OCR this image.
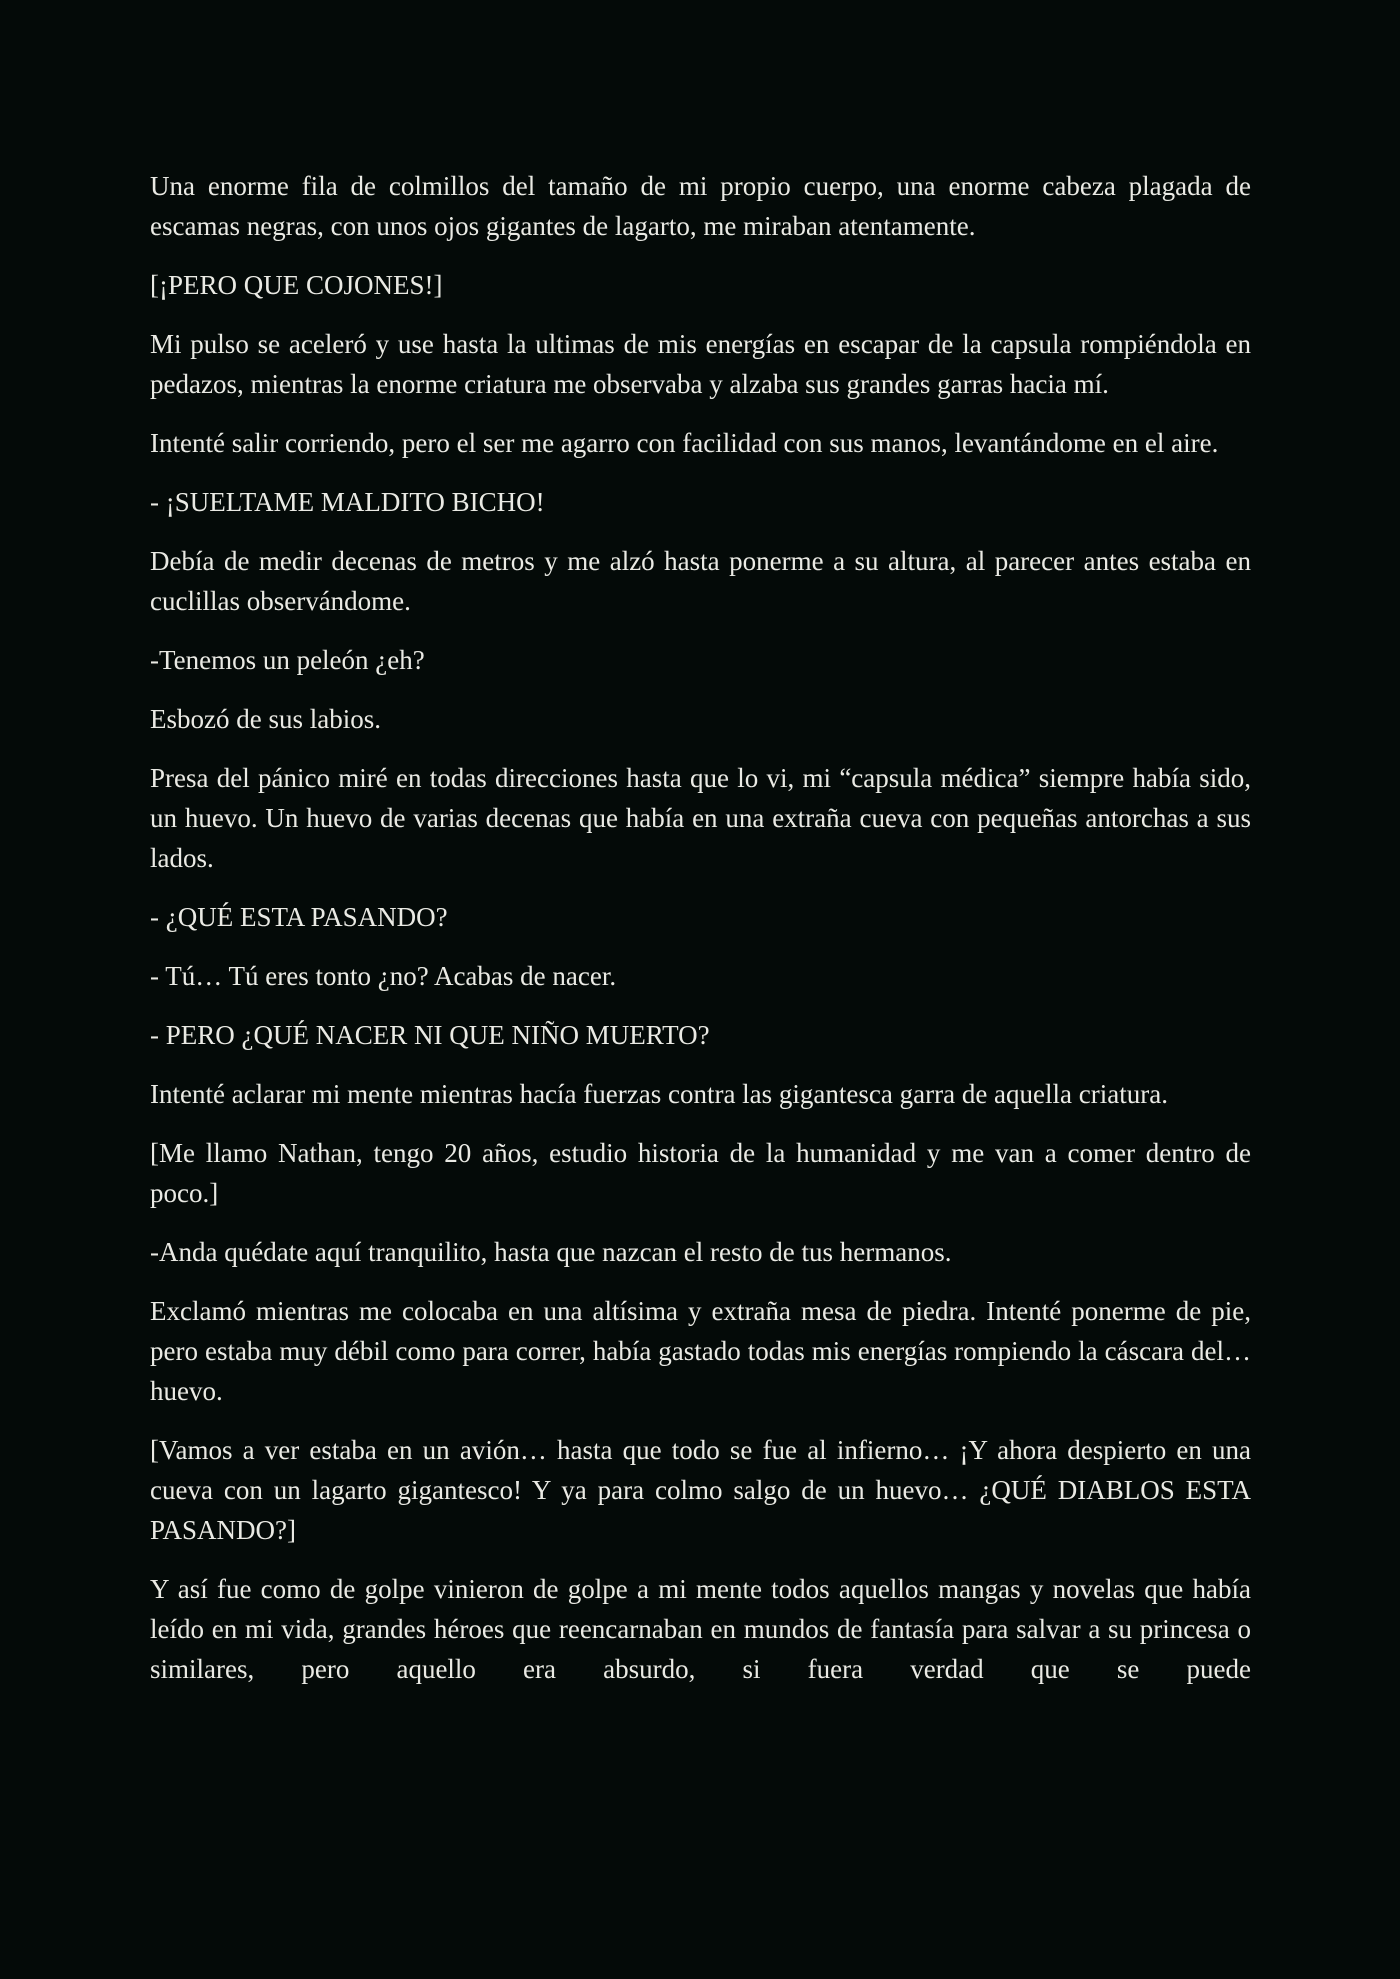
Una enorme fila de colmillos del tamaño de mi propio cuerpo, una enorme cabeza plagada de escamas negras, con unos ojos gigantes de lagarto, me miraban atentamente.

[¡PERO QUE COJONES!]

Mi pulso se aceleró y use hasta la ultimas de mis energías en escapar de la capsula rompiéndola en pedazos, mientras la enorme criatura me observaba y alzaba sus grandes garras hacia mí.

Intenté salir corriendo, pero el ser me agarro con facilidad con sus manos, levantándome en el aire.

- ¡SUELTAME MALDITO BICHO!

Debía de medir decenas de metros y me alzó hasta ponerme a su altura, al parecer antes estaba en cuclillas observándome.

-Tenemos un peleón ¿eh?

Esbozó de sus labios.

Presa del pánico miré en todas direcciones hasta que lo vi, mi “capsula médica” siempre había sido, un huevo. Un huevo de varias decenas que había en una extraña cueva con pequeñas antorchas a sus lados.

- ¿QUÉ ESTA PASANDO?

- Tú… Tú eres tonto ¿no? Acabas de nacer.

- PERO ¿QUÉ NACER NI QUE NIÑO MUERTO?

Intenté aclarar mi mente mientras hacía fuerzas contra las gigantesca garra de aquella criatura.

[Me llamo Nathan, tengo 20 años, estudio historia de la humanidad y me van a comer dentro de poco.]

-Anda quédate aquí tranquilito, hasta que nazcan el resto de tus hermanos.

Exclamó mientras me colocaba en una altísima y extraña mesa de piedra. Intenté ponerme de pie, pero estaba muy débil como para correr, había gastado todas mis energías rompiendo la cáscara del… huevo.

[Vamos a ver estaba en un avión… hasta que todo se fue al infierno… ¡Y ahora despierto en una cueva con un lagarto gigantesco! Y ya para colmo salgo de un huevo… ¿QUÉ DIABLOS ESTA PASANDO?]

Y así fue como de golpe vinieron de golpe a mi mente todos aquellos mangas y novelas que había leído en mi vida, grandes héroes que reencarnaban en mundos de fantasía para salvar a su princesa o similares, pero aquello era absurdo, si fuera verdad que se puede
